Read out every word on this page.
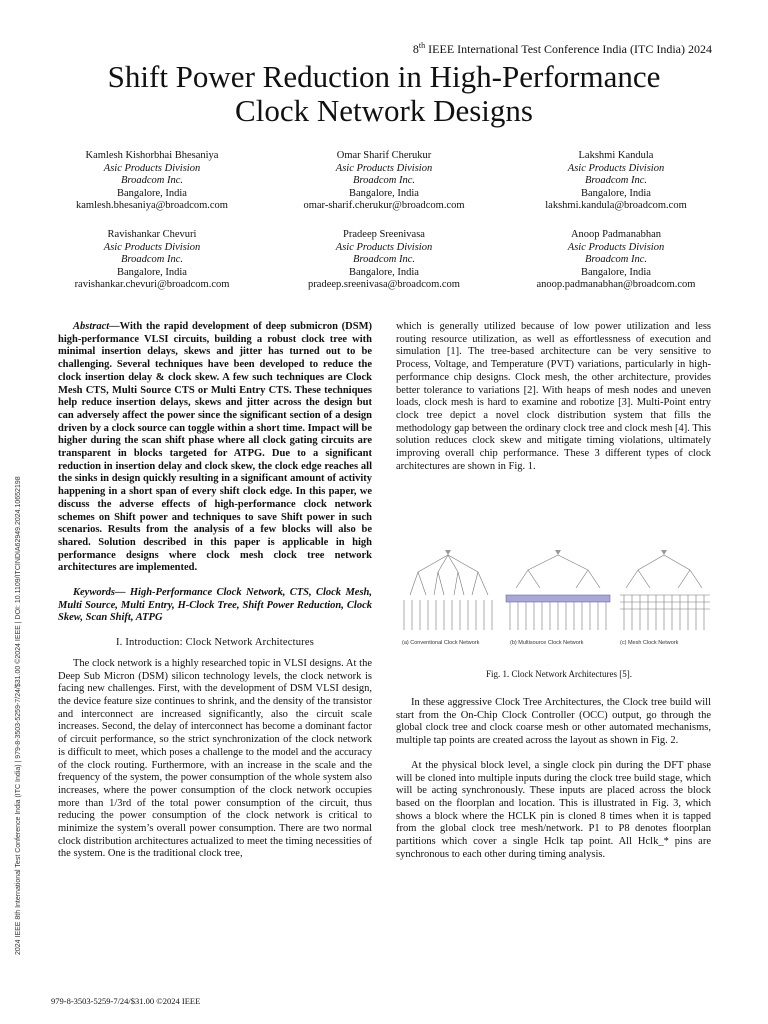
8th IEEE International Test Conference India (ITC India) 2024
Shift Power Reduction in High-Performance
Clock Network Designs
Kamlesh Kishorbhai Bhesaniya
Asic Products Division
Broadcom Inc.
Bangalore, India
kamlesh.bhesaniya@broadcom.com
Omar Sharif Cherukur
Asic Products Division
Broadcom Inc.
Bangalore, India
omar-sharif.cherukur@broadcom.com
Lakshmi Kandula
Asic Products Division
Broadcom Inc.
Bangalore, India
lakshmi.kandula@broadcom.com
Ravishankar Chevuri
Asic Products Division
Broadcom Inc.
Bangalore, India
ravishankar.chevuri@broadcom.com
Pradeep Sreenivasa
Asic Products Division
Broadcom Inc.
Bangalore, India
pradeep.sreenivasa@broadcom.com
Anoop Padmanabhan
Asic Products Division
Broadcom Inc.
Bangalore, India
anoop.padmanabhan@broadcom.com
2024 IEEE 8th International Test Conference India (ITC India) | 979-8-3503-5259-7/24/$31.00 ©2024 IEEE | DOI: 10.1109/ITCINDIA62949.2024.10652198

Abstract—With the rapid development of deep submicron (DSM) high-performance VLSI circuits, building a robust clock tree with minimal insertion delays, skews and jitter has turned out to be challenging. Several techniques have been developed to reduce the clock insertion delay & clock skew. A few such techniques are Clock Mesh CTS, Multi Source CTS or Multi Entry CTS. These techniques help reduce insertion delays, skews and jitter across the design but can adversely affect the power since the significant section of a design driven by a clock source can toggle within a short time. Impact will be higher during the scan shift phase where all clock gating circuits are transparent in blocks targeted for ATPG. Due to a significant reduction in insertion delay and clock skew, the clock edge reaches all the sinks in design quickly resulting in a significant amount of activity happening in a short span of every shift clock edge. In this paper, we discuss the adverse effects of high-performance clock network schemes on Shift power and techniques to save Shift power in such scenarios. Results from the analysis of a few blocks will also be shared. Solution described in this paper is applicable in high performance designs where clock mesh clock tree network architectures are implemented.

Keywords— High-Performance Clock Network, CTS, Clock Mesh, Multi Source, Multi Entry, H-Clock Tree, Shift Power Reduction, Clock Skew, Scan Shift, ATPG

I. Introduction: Clock Network Architectures

The clock network is a highly researched topic in VLSI designs. At the Deep Sub Micron (DSM) silicon technology levels, the clock network is facing new challenges. First, with the development of DSM VLSI design, the device feature size continues to shrink, and the density of the transistor and interconnect are increased significantly, also the circuit scale increases. Second, the delay of interconnect has become a dominant factor of circuit performance, so the strict synchronization of the clock network is difficult to meet, which poses a challenge to the model and the accuracy of the clock routing. Furthermore, with an increase in the scale and the frequency of the system, the power consumption of the whole system also increases, where the power consumption of the clock network occupies more than 1/3rd of the total power consumption of the circuit, thus reducing the power consumption of the clock network is critical to minimize the system’s overall power consumption. There are two normal clock distribution architectures actualized to meet the timing necessities of the system. One is the traditional clock tree,

which is generally utilized because of low power utilization and less routing resource utilization, as well as effortlessness of execution and simulation [1]. The tree-based architecture can be very sensitive to Process, Voltage, and Temperature (PVT) variations, particularly in high-performance chip designs. Clock mesh, the other architecture, provides better tolerance to variations [2]. With heaps of mesh nodes and uneven loads, clock mesh is hard to examine and robotize [3]. Multi-Point entry clock tree depict a novel clock distribution system that fills the methodology gap between the ordinary clock tree and clock mesh [4]. This solution reduces clock skew and mitigate timing violations, ultimately improving overall chip performance. These 3 different types of clock architectures are shown in Fig. 1.

(a) Conventional Clock Network	(b) Multisource Clock Network	(c) Mesh Clock Network
Fig. 1. Clock Network Architectures [5].

In these aggressive Clock Tree Architectures, the Clock tree build will start from the On-Chip Clock Controller (OCC) output, go through the global clock tree and clock coarse mesh or other automated mechanisms, multiple tap points are created across the layout as shown in Fig. 2.

At the physical block level, a single clock pin during the DFT phase will be cloned into multiple inputs during the clock tree build stage, which will be acting synchronously. These inputs are placed across the block based on the floorplan and location. This is illustrated in Fig. 3, which shows a block where the HCLK pin is cloned 8 times when it is tapped from the global clock tree mesh/network. P1 to P8 denotes floorplan partitions which cover a single Hclk tap point. All Hclk_* pins are synchronous to each other during timing analysis.

979-8-3503-5259-7/24/$31.00 ©2024 IEEE
